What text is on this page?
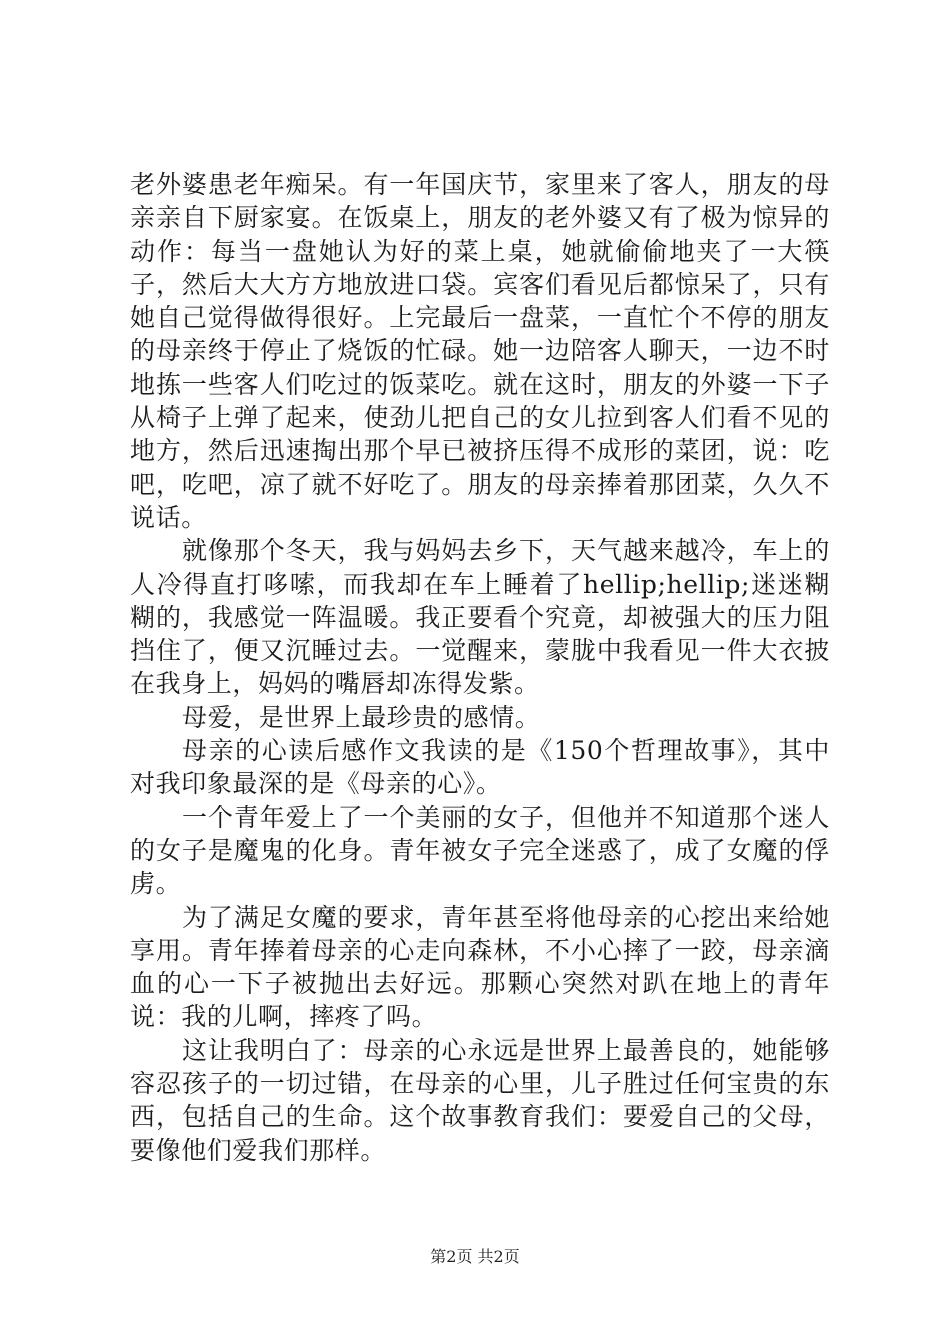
老外婆患老年痴呆。有一年国庆节，家里来了客人，朋友的母亲亲自下厨家宴。在饭桌上，朋友的老外婆又有了极为惊异的动作：每当一盘她认为好的菜上桌，她就偷偷地夹了一大筷子，然后大大方方地放进口袋。宾客们看见后都惊呆了，只有她自己觉得做得很好。上完最后一盘菜，一直忙个不停的朋友的母亲终于停止了烧饭的忙碌。她一边陪客人聊天，一边不时地拣一些客人们吃过的饭菜吃。就在这时，朋友的外婆一下子从椅子上弹了起来，使劲儿把自己的女儿拉到客人们看不见的地方，然后迅速掏出那个早已被挤压得不成形的菜团，说：吃吧，吃吧，凉了就不好吃了。朋友的母亲捧着那团菜，久久不说话。

就像那个冬天，我与妈妈去乡下，天气越来越冷，车上的人冷得直打哆嗦，而我却在车上睡着了hellip;hellip;迷迷糊糊的，我感觉一阵温暖。我正要看个究竟，却被强大的压力阻挡住了，便又沉睡过去。一觉醒来，蒙胧中我看见一件大衣披在我身上，妈妈的嘴唇却冻得发紫。

母爱，是世界上最珍贵的感情。

母亲的心读后感作文我读的是《150个哲理故事》，其中对我印象最深的是《母亲的心》。

一个青年爱上了一个美丽的女子，但他并不知道那个迷人的女子是魔鬼的化身。青年被女子完全迷惑了，成了女魔的俘虏。

为了满足女魔的要求，青年甚至将他母亲的心挖出来给她享用。青年捧着母亲的心走向森林，不小心摔了一跤，母亲滴血的心一下子被抛出去好远。那颗心突然对趴在地上的青年说：我的儿啊，摔疼了吗。

这让我明白了：母亲的心永远是世界上最善良的，她能够容忍孩子的一切过错，在母亲的心里，儿子胜过任何宝贵的东西，包括自己的生命。这个故事教育我们：要爱自己的父母，要像他们爱我们那样。

第2页 共2页
